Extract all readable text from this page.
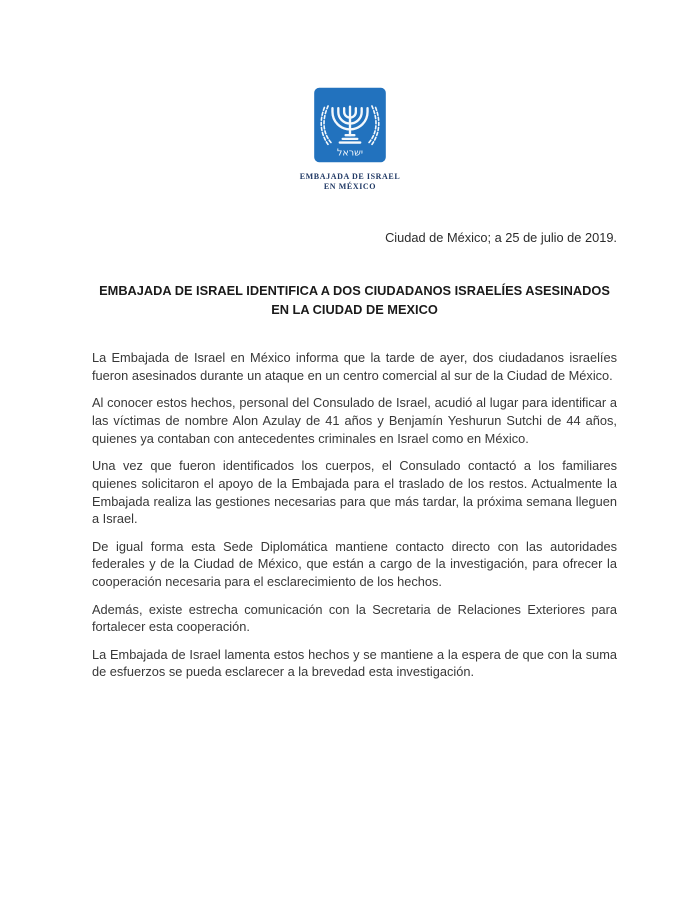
ישראל
EMBAJADA DE ISRAEL
EN MÉXICO
Ciudad de México; a 25 de julio de 2019.
EMBAJADA DE ISRAEL IDENTIFICA A DOS CIUDADANOS ISRAELÍES ASESINADOS EN LA CIUDAD DE MEXICO

La Embajada de Israel en México informa que la tarde de ayer, dos ciudadanos israelíes fueron asesinados durante un ataque en un centro comercial al sur de la Ciudad de México.

Al conocer estos hechos, personal del Consulado de Israel, acudió al lugar para identificar a las víctimas de nombre Alon Azulay de 41 años y Benjamín Yeshurun Sutchi de 44 años, quienes ya contaban con antecedentes criminales en Israel como en México.

Una vez que fueron identificados los cuerpos, el Consulado contactó a los familiares quienes solicitaron el apoyo de la Embajada para el traslado de los restos. Actualmente la Embajada realiza las gestiones necesarias para que más tardar, la próxima semana lleguen a Israel.

De igual forma esta Sede Diplomática mantiene contacto directo con las autoridades federales y de la Ciudad de México, que están a cargo de la investigación, para ofrecer la cooperación necesaria para el esclarecimiento de los hechos.

Además, existe estrecha comunicación con la Secretaria de Relaciones Exteriores para fortalecer esta cooperación.

La Embajada de Israel lamenta estos hechos y se mantiene a la espera de que con la suma de esfuerzos se pueda esclarecer a la brevedad esta investigación.
